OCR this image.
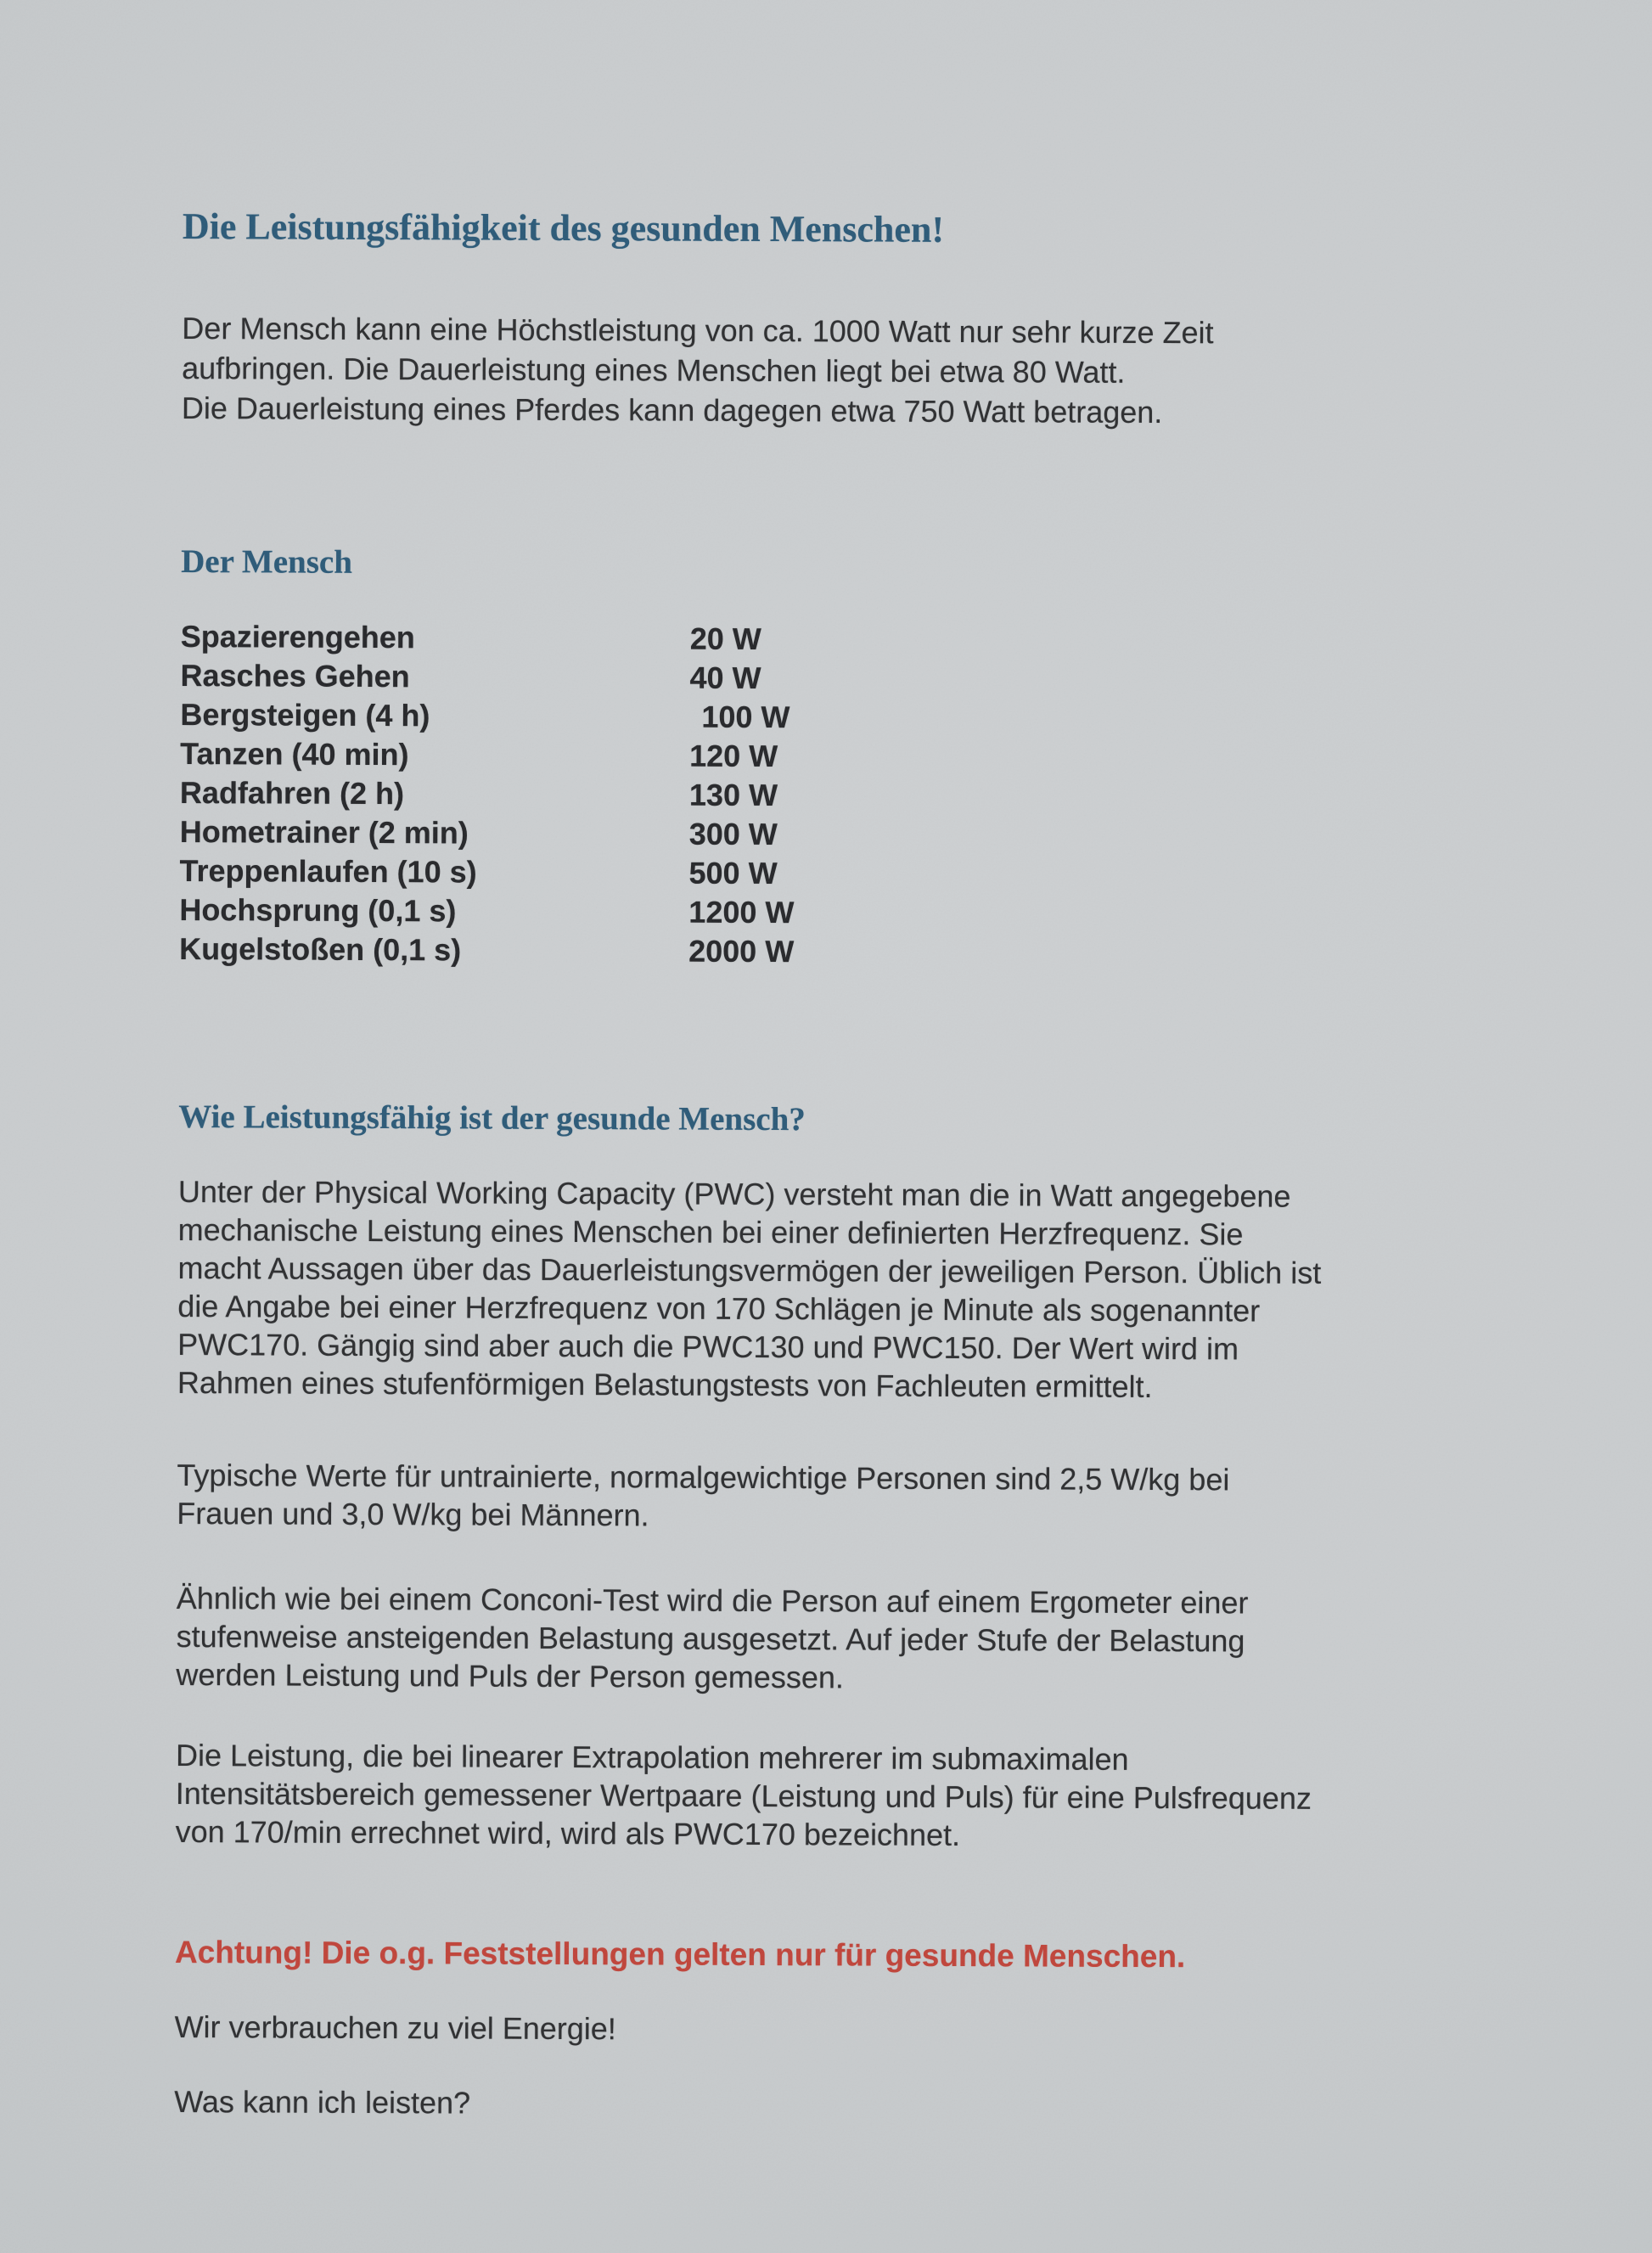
Die Leistungsfähigkeit des gesunden Menschen!
Der Mensch kann eine Höchstleistung von ca. 1000 Watt nur sehr kurze Zeit
aufbringen. Die Dauerleistung eines Menschen liegt bei etwa 80 Watt.
Die Dauerleistung eines Pferdes kann dagegen etwa 750 Watt betragen.
Der Mensch
Spazierengehen	20 W
Rasches Gehen	40 W
Bergsteigen (4 h)	100 W
Tanzen (40 min)	120 W
Radfahren (2 h)	130 W
Hometrainer (2 min)	300 W
Treppenlaufen (10 s)	500 W
Hochsprung (0,1 s)	1200 W
Kugelstoßen (0,1 s)	2000 W
Wie Leistungsfähig ist der gesunde Mensch?
Unter der Physical Working Capacity (PWC) versteht man die in Watt angegebene
mechanische Leistung eines Menschen bei einer definierten Herzfrequenz. Sie
macht Aussagen über das Dauerleistungsvermögen der jeweiligen Person. Üblich ist
die Angabe bei einer Herzfrequenz von 170 Schlägen je Minute als sogenannter
PWC170. Gängig sind aber auch die PWC130 und PWC150. Der Wert wird im
Rahmen eines stufenförmigen Belastungstests von Fachleuten ermittelt.
Typische Werte für untrainierte, normalgewichtige Personen sind 2,5 W/kg bei
Frauen und 3,0 W/kg bei Männern.
Ähnlich wie bei einem Conconi-Test wird die Person auf einem Ergometer einer
stufenweise ansteigenden Belastung ausgesetzt. Auf jeder Stufe der Belastung
werden Leistung und Puls der Person gemessen.
Die Leistung, die bei linearer Extrapolation mehrerer im submaximalen
Intensitätsbereich gemessener Wertpaare (Leistung und Puls) für eine Pulsfrequenz
von 170/min errechnet wird, wird als PWC170 bezeichnet.
Achtung! Die o.g. Feststellungen gelten nur für gesunde Menschen.
Wir verbrauchen zu viel Energie!
Was kann ich leisten?
